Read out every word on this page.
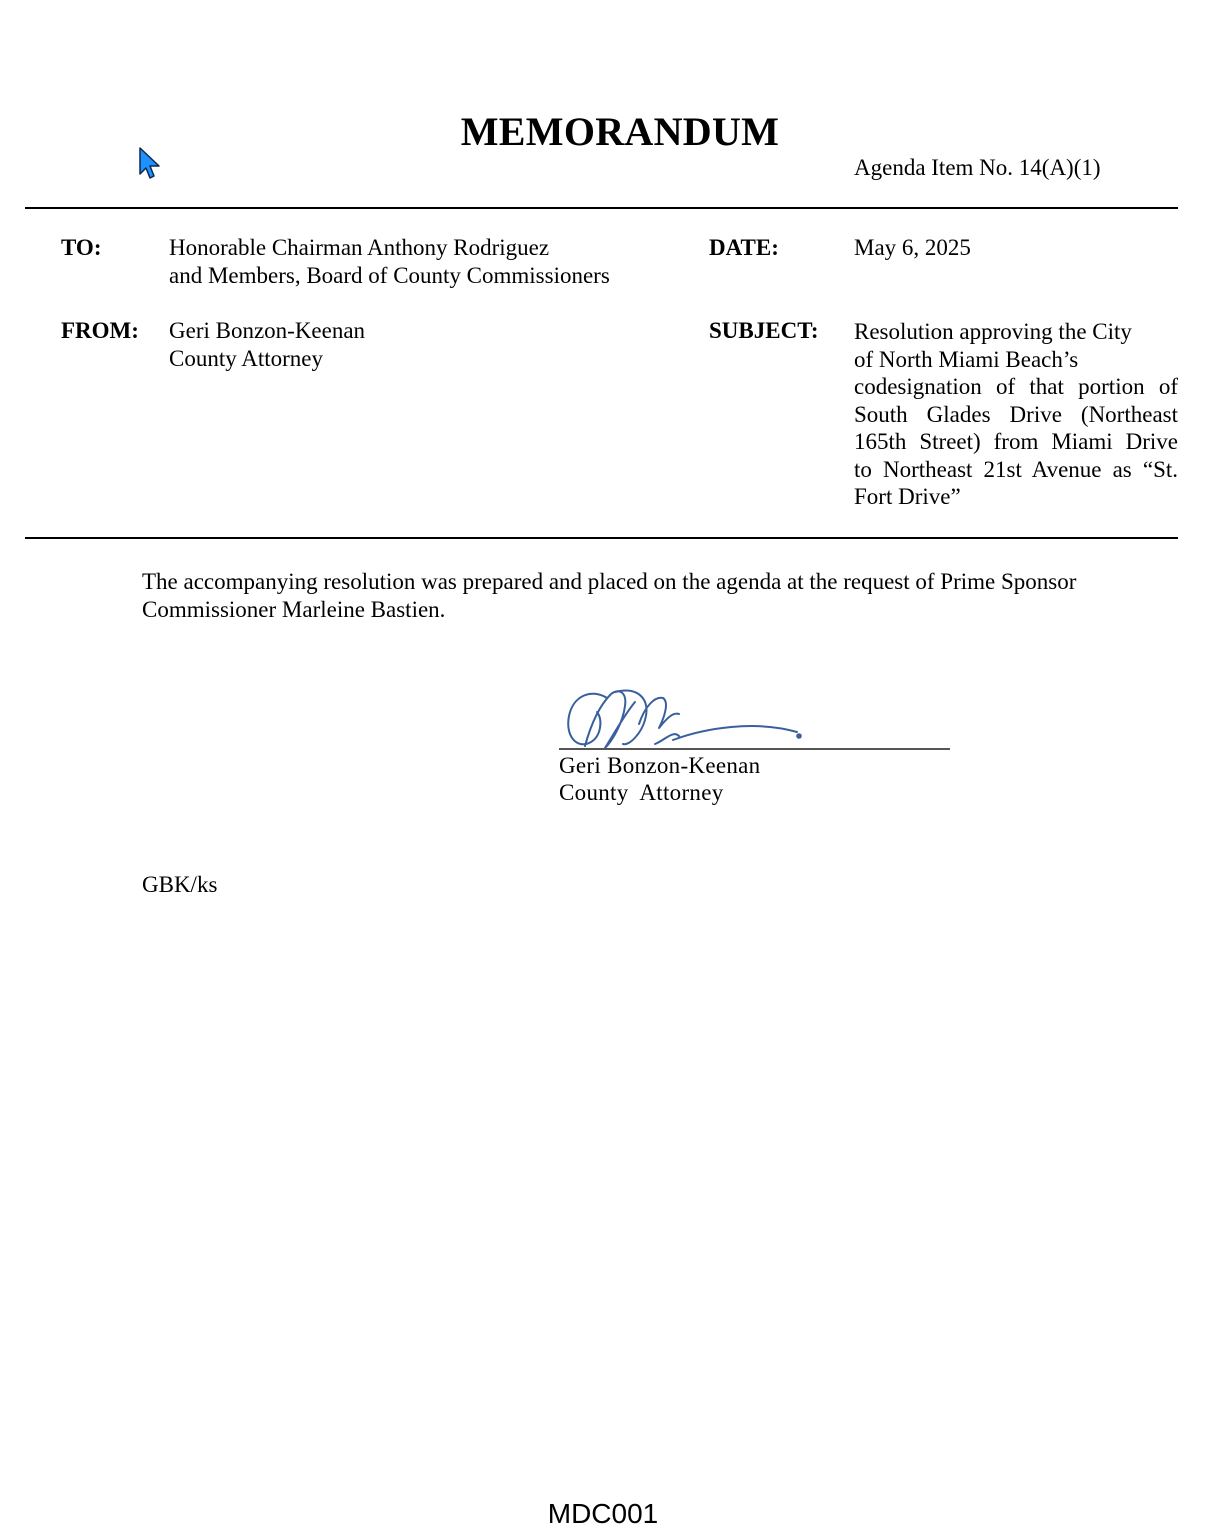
MEMORANDUM
Agenda Item No. 14(A)(1)
TO:	Honorable Chairman Anthony Rodriguez
and Members, Board of County Commissioners
DATE:	May 6, 2025
FROM: Geri Bonzon-Keenan
County Attorney
SUBJECT: Resolution approving the City
of North Miami Beach’s
codesignation of that portion of
South Glades Drive (Northeast
165th Street) from Miami Drive
to Northeast 21st Avenue as “St.
Fort Drive”
The accompanying resolution was prepared and placed on the agenda at the request of Prime Sponsor
Commissioner Marleine Bastien.
Geri Bonzon-Keenan
County  Attorney
GBK/ks
MDC001
